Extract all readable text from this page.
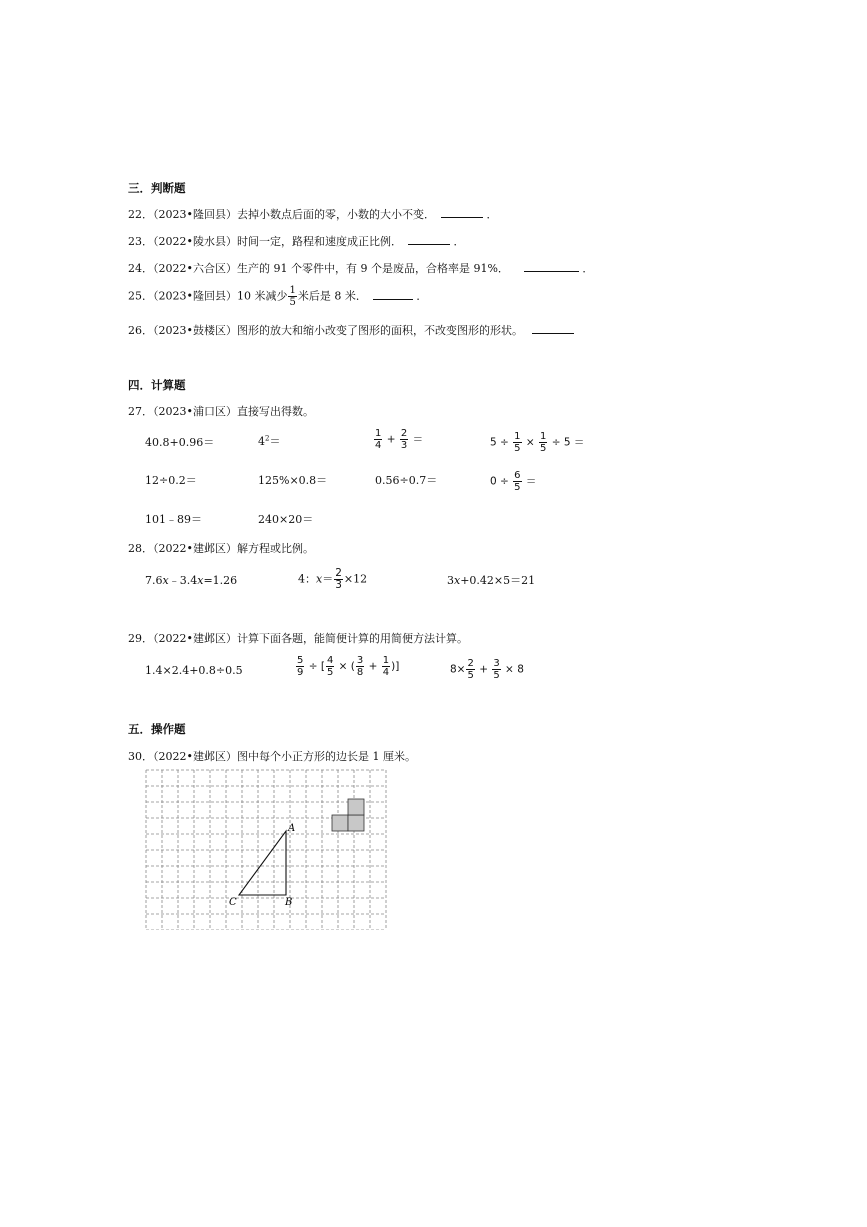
三．判断题
22．（2023•隆回县）去掉小数点后面的零，小数的大小不变．	．
23．（2022•陵水县）时间一定，路程和速度成正比例．	．
24．（2022•六合区）生产的 91 个零件中，有 9 个是废品，合格率是 91%．	．
25．（2023•隆回县）10 米减少 $\frac{1}{5}$ 米后是 8 米．	．
26．（2023•鼓楼区）图形的放大和缩小改变了图形的面积，不改变图形的形状。
四．计算题
27．（2023•浦口区）直接写出得数。
40.8+0.96＝	$4^2=$	$\frac{1}{4} + \frac{2}{3}$ ＝	$5 \div \frac{1}{5} \times \frac{1}{5} \div 5$ ＝
12÷0.2＝	125%×0.8＝	0.56÷0.7＝	$0 \div \frac{6}{5}$ ＝
101﹣89＝	240×20＝
28．（2022•建邺区）解方程或比例。
7.6x﹣3.4x=1.26	4：$x= \frac{2}{3} \times 12$	3x+0.42×5＝21
29．（2022•建邺区）计算下面各题，能简便计算的用简便方法计算。
1.4×2.4+0.8÷0.5	$\frac{5}{9}$ ÷ [ $\frac{4}{5}$ × ( $\frac{3}{8} + \frac{1}{4}$ )]	$8\times \frac{2}{5} + \frac{3}{5} \times 8$
五．操作题
30．（2022•建邺区）图中每个小正方形的边长是 1 厘米。
A
B
C
